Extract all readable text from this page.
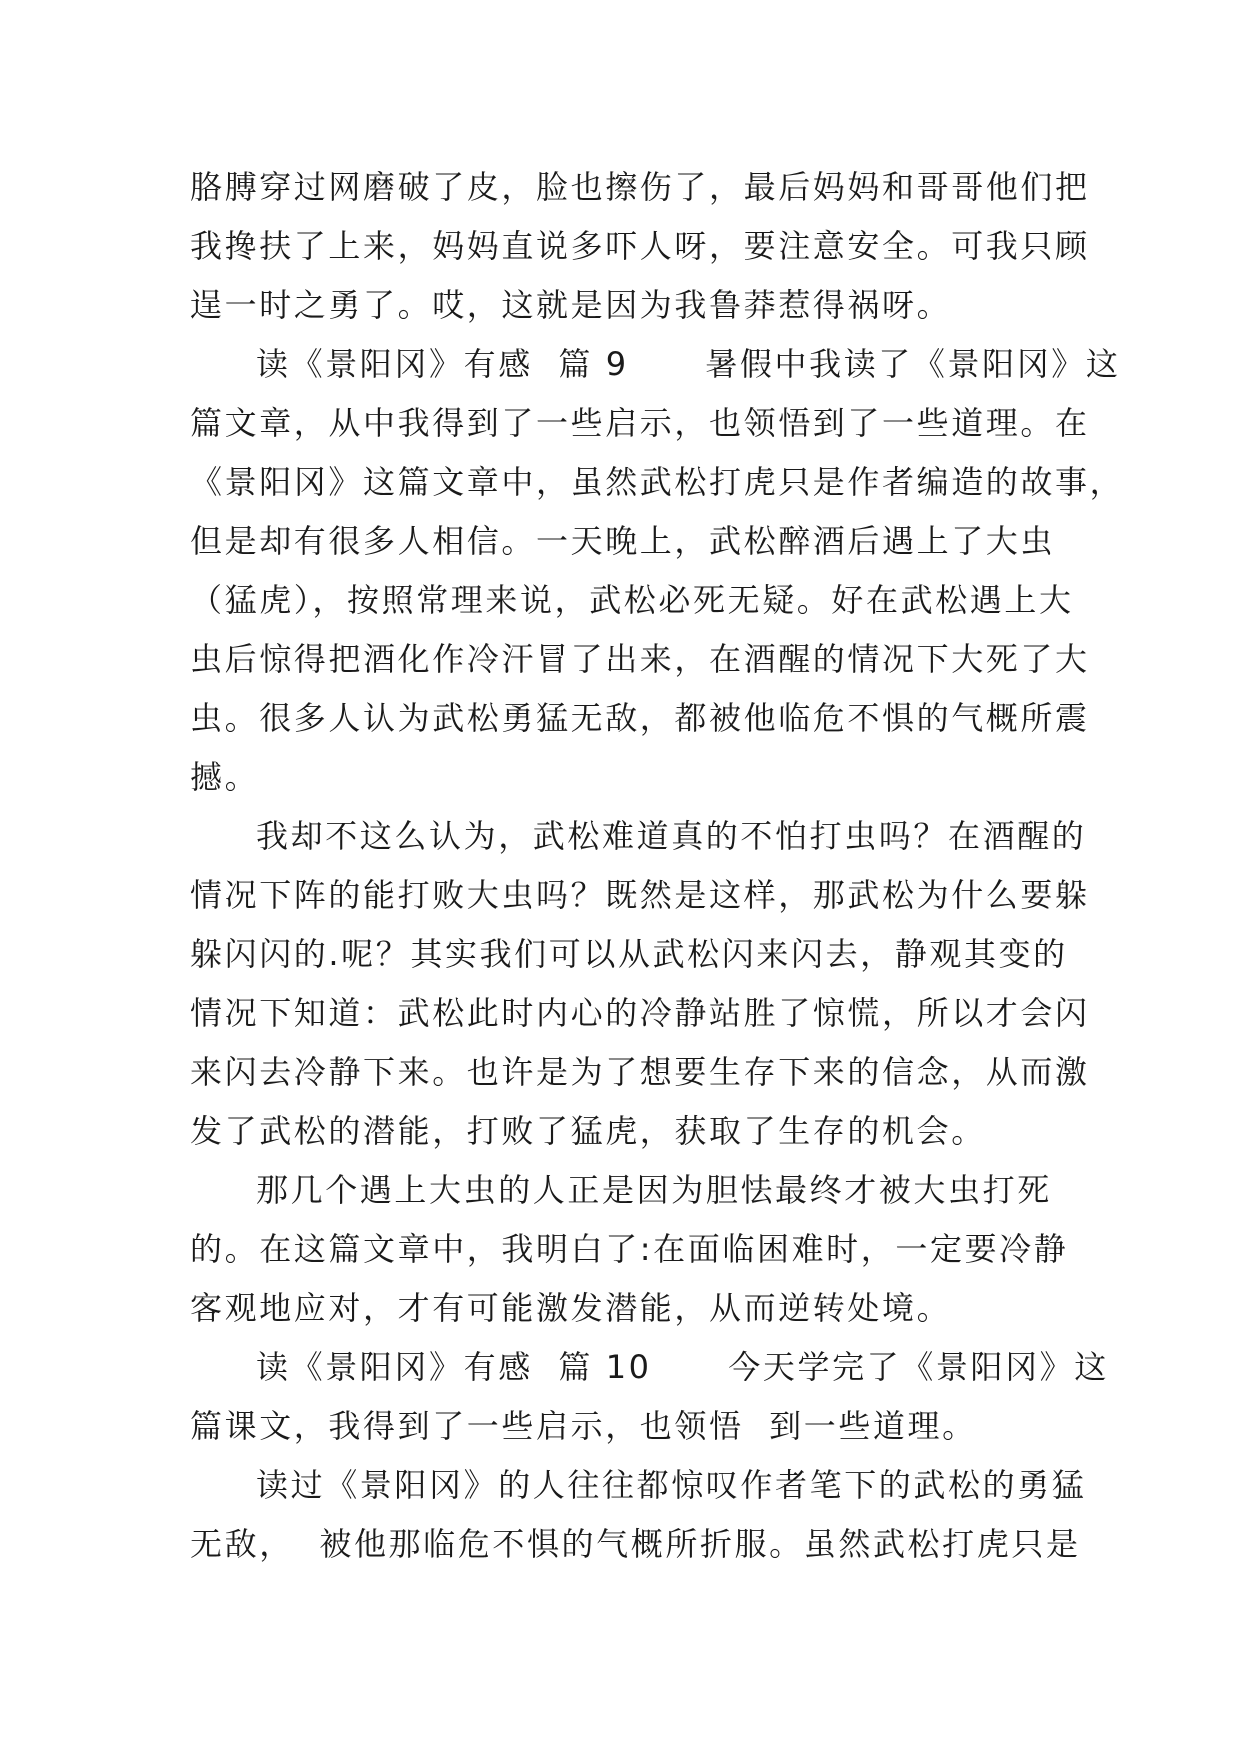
胳膊穿过网磨破了皮，脸也擦伤了，最后妈妈和哥哥他们把
我搀扶了上来，妈妈直说多吓人呀，要注意安全。可我只顾
逞一时之勇了。哎，这就是因为我鲁莽惹得祸呀。
读《景阳冈》有感  篇 9      暑假中我读了《景阳冈》这
篇文章，从中我得到了一些启示，也领悟到了一些道理。在
《景阳冈》这篇文章中，虽然武松打虎只是作者编造的故事，
但是却有很多人相信。一天晚上，武松醉酒后遇上了大虫
（猛虎），按照常理来说，武松必死无疑。好在武松遇上大
虫后惊得把酒化作冷汗冒了出来，在酒醒的情况下大死了大
虫。很多人认为武松勇猛无敌，都被他临危不惧的气概所震
撼。
我却不这么认为，武松难道真的不怕打虫吗？在酒醒的
情况下阵的能打败大虫吗？既然是这样，那武松为什么要躲
躲闪闪的.呢？其实我们可以从武松闪来闪去，静观其变的
情况下知道：武松此时内心的冷静站胜了惊慌，所以才会闪
来闪去冷静下来。也许是为了想要生存下来的信念，从而激
发了武松的潜能，打败了猛虎，获取了生存的机会。
那几个遇上大虫的人正是因为胆怯最终才被大虫打死
的。在这篇文章中，我明白了:在面临困难时，一定要冷静
客观地应对，才有可能激发潜能，从而逆转处境。
读《景阳冈》有感  篇 10      今天学完了《景阳冈》这
篇课文，我得到了一些启示，也领悟  到一些道理。
读过《景阳冈》的人往往都惊叹作者笔下的武松的勇猛
无敌，  被他那临危不惧的气概所折服。虽然武松打虎只是
